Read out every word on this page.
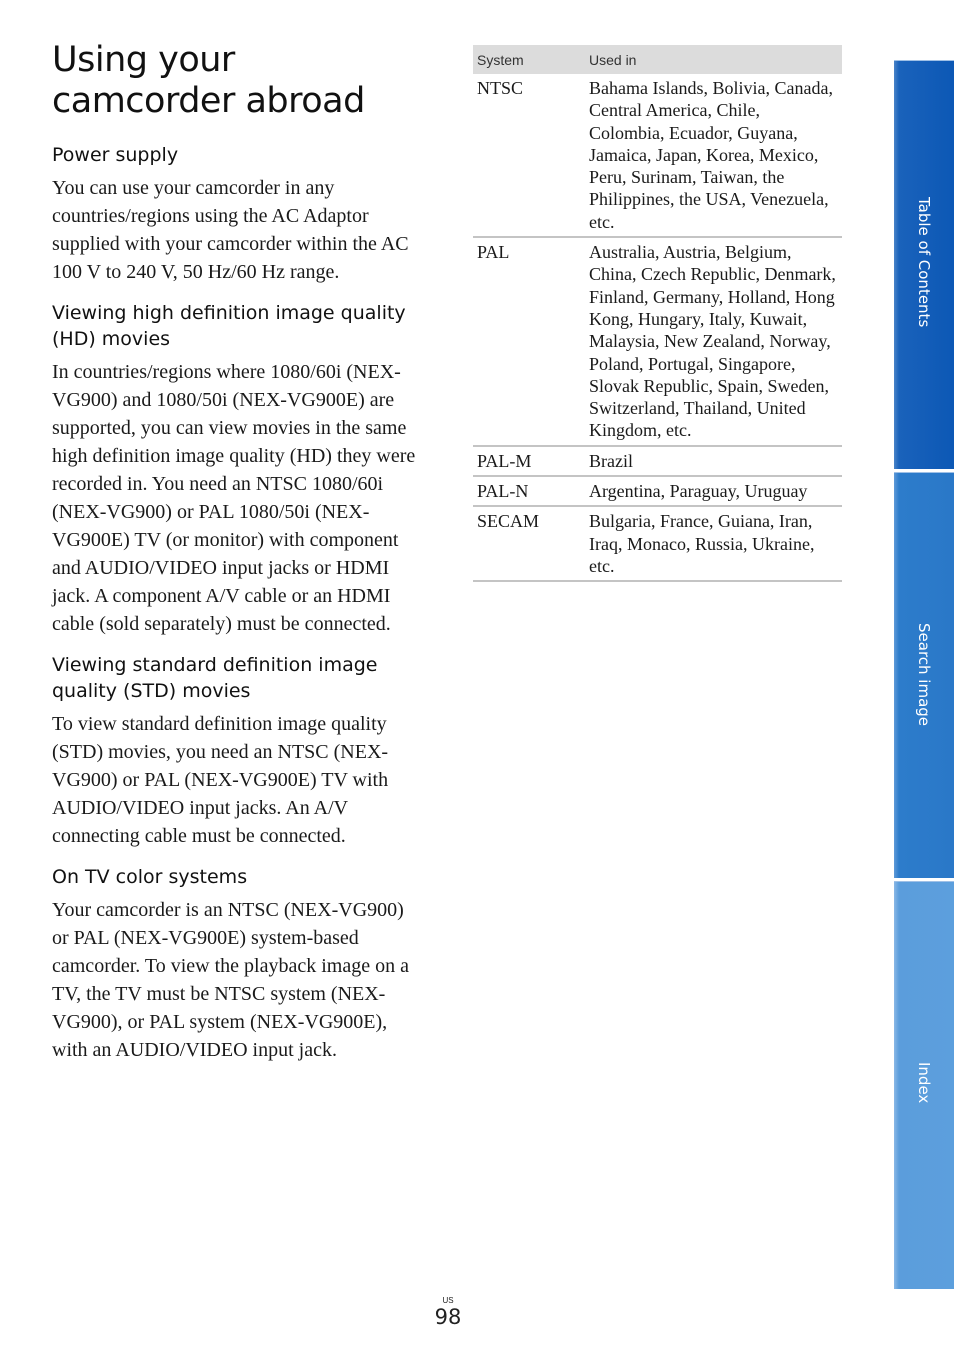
Using your camcorder abroad
Power supply

You can use your camcorder in any countries/regions using the AC Adaptor supplied with your camcorder within the AC 100 V to 240 V, 50 Hz/60 Hz range.

Viewing high definition image quality (HD) movies

In countries/regions where 1080/60i (NEX-VG900) and 1080/50i (NEX-VG900E) are supported, you can view movies in the same high definition image quality (HD) they were recorded in. You need an NTSC 1080/60i (NEX-VG900) or PAL 1080/50i (NEX-VG900E) TV (or monitor) with component and AUDIO/VIDEO input jacks or HDMI jack. A component A/V cable or an HDMI cable (sold separately) must be connected.

Viewing standard definition image quality (STD) movies

To view standard definition image quality (STD) movies, you need an NTSC (NEX-VG900) or PAL (NEX-VG900E) TV with AUDIO/VIDEO input jacks. An A/V connecting cable must be connected.

On TV color systems

Your camcorder is an NTSC (NEX-VG900) or PAL (NEX-VG900E) system-based camcorder. To view the playback image on a TV, the TV must be NTSC system (NEX-VG900), or PAL system (NEX-VG900E), with an AUDIO/VIDEO input jack.

System	Used in
NTSC	Bahama Islands, Bolivia, Canada, Central America, Chile, Colombia, Ecuador, Guyana, Jamaica, Japan, Korea, Mexico, Peru, Surinam, Taiwan, the Philippines, the USA, Venezuela, etc.
PAL	Australia, Austria, Belgium, China, Czech Republic, Denmark, Finland, Germany, Holland, Hong Kong, Hungary, Italy, Kuwait, Malaysia, New Zealand, Norway, Poland, Portugal, Singapore, Slovak Republic, Spain, Sweden, Switzerland, Thailand, United Kingdom, etc.
PAL-M	Brazil
PAL-N	Argentina, Paraguay, Uruguay
SECAM	Bulgaria, France, Guiana, Iran, Iraq, Monaco, Russia, Ukraine, etc.
Table of Contents
Search image
Index
US
98
